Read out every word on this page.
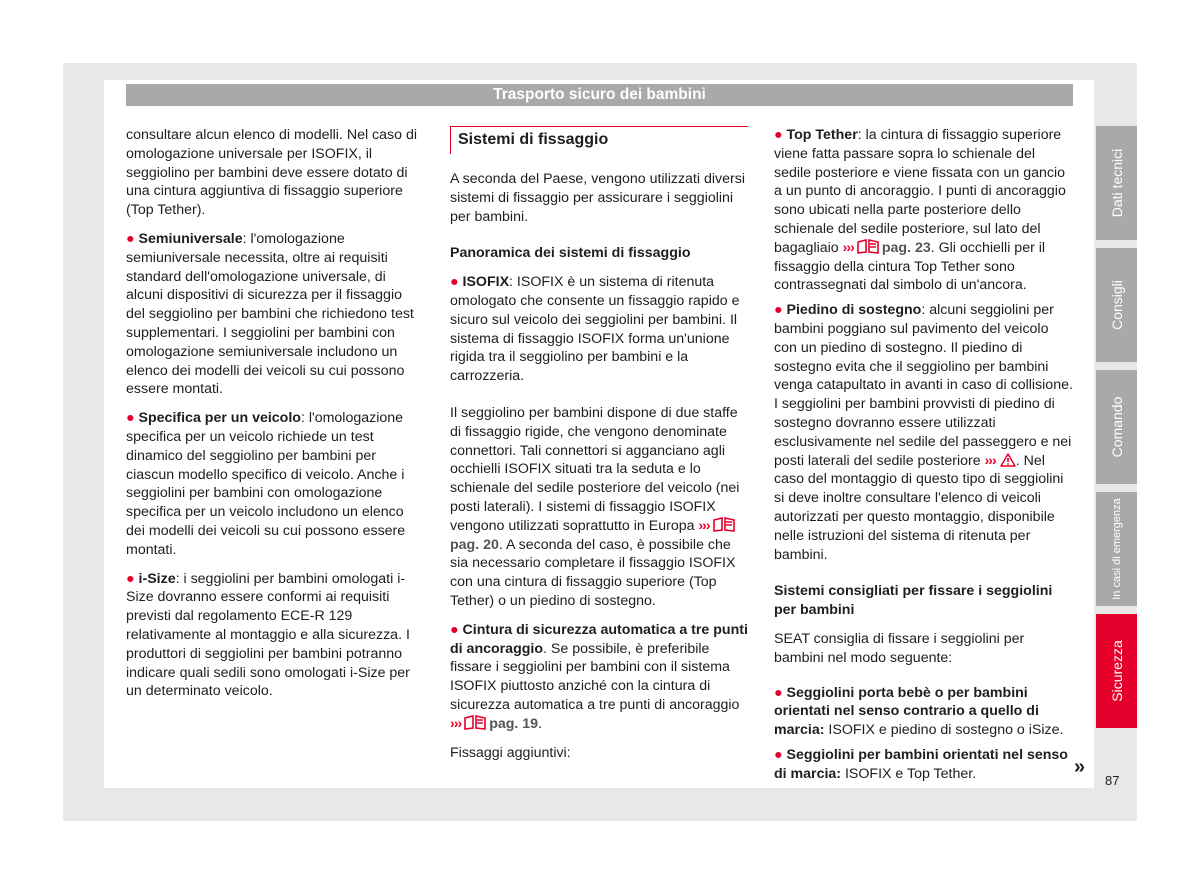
Trasporto sicuro dei bambini

consultare alcun elenco di modelli. Nel caso di omologazione universale per ISOFIX, il seggiolino per bambini deve essere dotato di una cintura aggiuntiva di fissaggio superiore (Top Tether).

● Semiuniversale: l'omologazione semiuniversale necessita, oltre ai requisiti standard dell'omologazione universale, di alcuni dispositivi di sicurezza per il fissaggio del seggiolino per bambini che richiedono test supplementari. I seggiolini per bambini con omologazione semiuniversale includono un elenco dei modelli dei veicoli su cui possono essere montati.

● Specifica per un veicolo: l'omologazione specifica per un veicolo richiede un test dinamico del seggiolino per bambini per ciascun modello specifico di veicolo. Anche i seggiolini per bambini con omologazione specifica per un veicolo includono un elenco dei modelli dei veicoli su cui possono essere montati.

● i-Size: i seggiolini per bambini omologati i-Size dovranno essere conformi ai requisiti previsti dal regolamento ECE-R 129 relativamente al montaggio e alla sicurezza. I produttori di seggiolini per bambini potranno indicare quali sedili sono omologati i-Size per un determinato veicolo.

Sistemi di fissaggio

A seconda del Paese, vengono utilizzati diversi sistemi di fissaggio per assicurare i seggiolini per bambini.

Panoramica dei sistemi di fissaggio

● ISOFIX: ISOFIX è un sistema di ritenuta omologato che consente un fissaggio rapido e sicuro sul veicolo dei seggiolini per bambini. Il sistema di fissaggio ISOFIX forma un'unione rigida tra il seggiolino per bambini e la carrozzeria.

Il seggiolino per bambini dispone di due staffe di fissaggio rigide, che vengono denominate connettori. Tali connettori si agganciano agli occhielli ISOFIX situati tra la seduta e lo schienale del sedile posteriore del veicolo (nei posti laterali). I sistemi di fissaggio ISOFIX vengono utilizzati soprattutto in Europa ›››pag. 20. A seconda del caso, è possibile che sia necessario completare il fissaggio ISOFIX con una cintura di fissaggio superiore (Top Tether) o un piedino di sostegno.

● Cintura di sicurezza automatica a tre punti di ancoraggio. Se possibile, è preferibile fissare i seggiolini per bambini con il sistema ISOFIX piuttosto anziché con la cintura di sicurezza automatica a tre punti di ancoraggio ››› pag. 19.

Fissaggi aggiuntivi:

● Top Tether: la cintura di fissaggio superiore viene fatta passare sopra lo schienale del sedile posteriore e viene fissata con un gancio a un punto di ancoraggio. I punti di ancoraggio sono ubicati nella parte posteriore dello schienale del sedile posteriore, sul lato del bagagliaio ››› pag. 23. Gli occhielli per il fissaggio della cintura Top Tether sono contrassegnati dal simbolo di un'ancora.

● Piedino di sostegno: alcuni seggiolini per bambini poggiano sul pavimento del veicolo con un piedino di sostegno. Il piedino di sostegno evita che il seggiolino per bambini venga catapultato in avanti in caso di collisione. I seggiolini per bambini provvisti di piedino di sostegno dovranno essere utilizzati esclusivamente nel sedile del passeggero e nei posti laterali del sedile posteriore ››› . Nel caso del montaggio di questo tipo di seggiolini si deve inoltre consultare l'elenco di veicoli autorizzati per questo montaggio, disponibile nelle istruzioni del sistema di ritenuta per bambini.

Sistemi consigliati per fissare i seggiolini per bambini

SEAT consiglia di fissare i seggiolini per bambini nel modo seguente:

● Seggiolini porta bebè o per bambini orientati nel senso contrario a quello di marcia: ISOFIX e piedino di sostegno o iSize.

● Seggiolini per bambini orientati nel senso di marcia: ISOFIX e Top Tether.

Dati tecnici
Consigli
Comando
In casi di emergenza
Sicurezza
»
87
